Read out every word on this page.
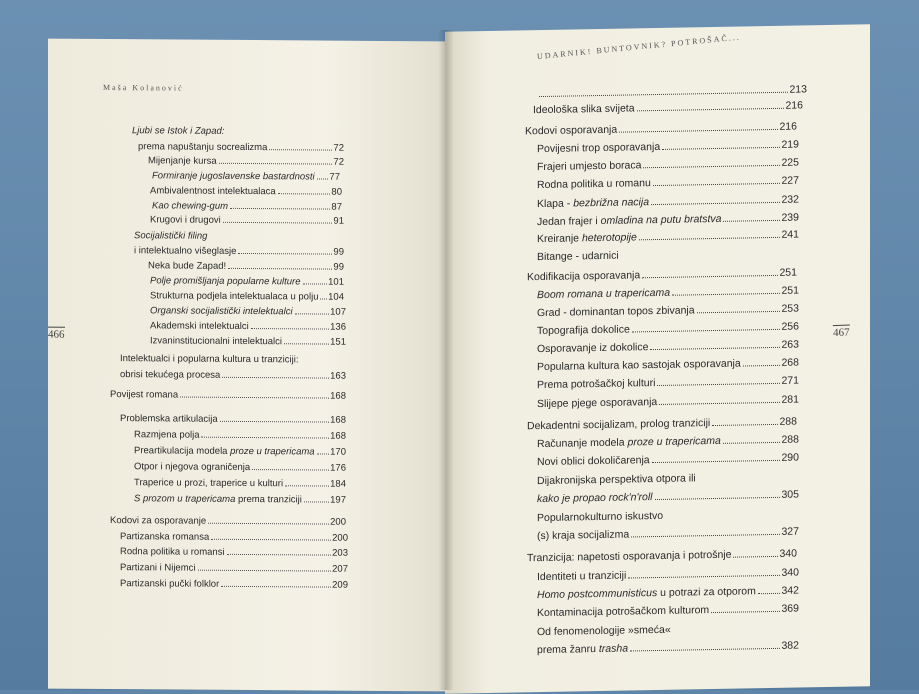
Maša Kolanović
466
Ljubi se Istok i Zapad:
prema napuštanju socrealizma	72
Mijenjanje kursa	72
Formiranje jugoslavenske bastardnosti 77
Ambivalentnost intelektualaca	80
Kao chewing-gum	87
Krugovi i drugovi	91
Socijalistički filing
i intelektualno višeglasje	99
Neka bude Zapad!	99
Polje promišljanja popularne kulture	101
Strukturna podjela intelektualaca u polju 104
Organski socijalistički intelektualci	107
Akademski intelektualci	136
Izvaninstitucionalni intelektualci	151
Intelektualci i popularna kultura u tranziciji:
obrisi tekućega procesa	163
Povijest romana	168
Problemska artikulacija	168
Razmjena polja	168
Preartikulacija modela proze u trapericama 170
Otpor i njegova ograničenja	176
Traperice u prozi, traperice u kulturi	184
S prozom u trapericama prema tranziciji	197
Kodovi za osporavanje	200
Partizanska romansa	200
Rodna politika u romansi	203
Partizani i Nijemci	207
Partizanski pučki folklor	209
UDARNIK! BUNTOVNIK? POTROŠAČ...
467
213
Ideološka slika svijeta	216
Kodovi osporavanja	216
Povijesni trop osporavanja	219
Frajeri umjesto boraca	225
Rodna politika u romanu	227
Klapa - bezbrižna nacija	232
Jedan frajer i omladina na putu bratstva	239
Kreiranje heterotopije	241
Bitange - udarnici
Kodifikacija osporavanja	251
Boom romana u trapericama	251
Grad - dominantan topos zbivanja	253
Topografija dokolice	256
Osporavanje iz dokolice	263
Popularna kultura kao sastojak osporavanja	268
Prema potrošačkoj kulturi	271
Slijepe pjege osporavanja	281
Dekadentni socijalizam, prolog tranziciji	288
Računanje modela proze u trapericama	288
Novi oblici dokoličarenja	290
Dijakronijska perspektiva otpora ili
kako je propao rock'n'roll	305
Popularnokulturno iskustvo
(s) kraja socijalizma	327
Tranzicija: napetosti osporavanja i potrošnje	340
Identiteti u tranziciji	340
Homo postcommunisticus u potrazi za otporom 342
Kontaminacija potrošačkom kulturom	369
Od fenomenologije »smeća«
prema žanru trasha	382
